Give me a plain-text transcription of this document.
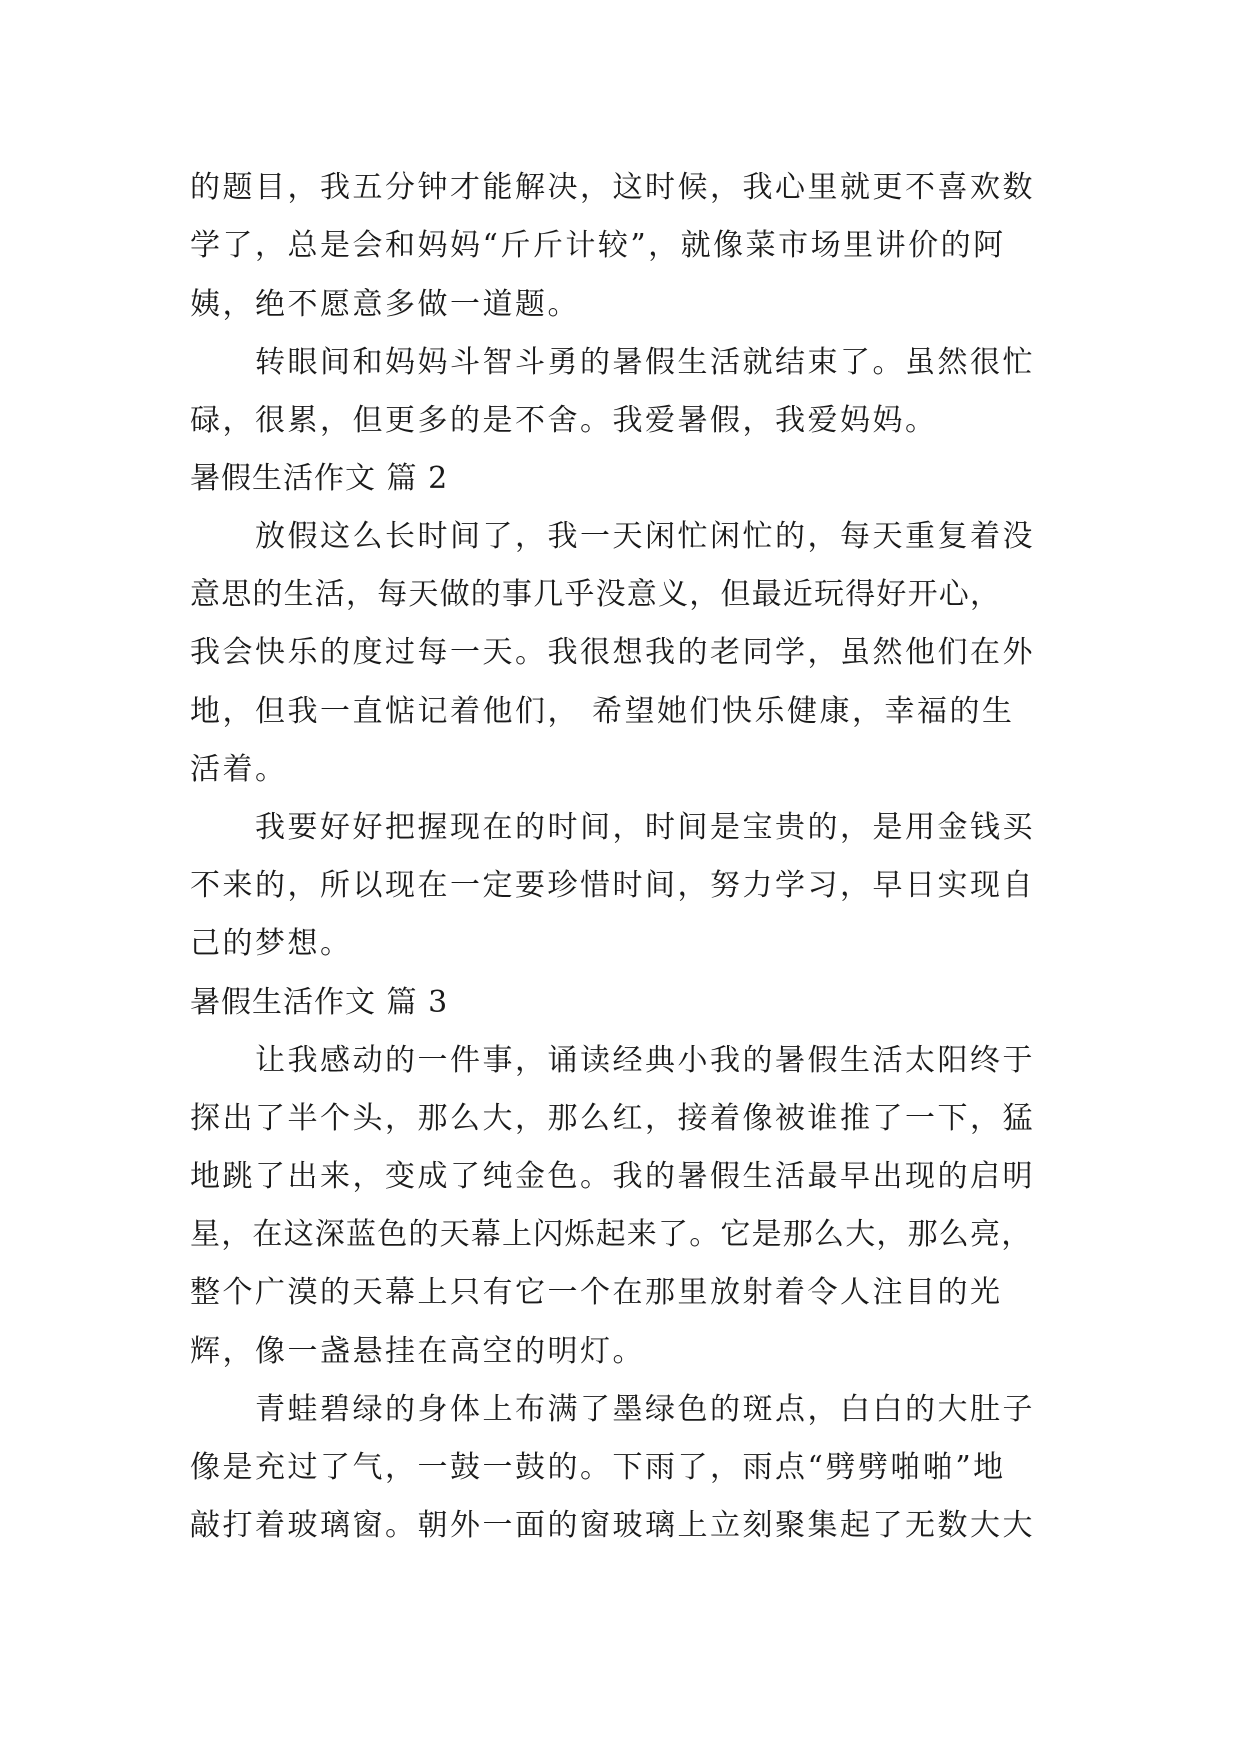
的题目，我五分钟才能解决，这时候，我心里就更不喜欢数
学了，总是会和妈妈“斤斤计较”，就像菜市场里讲价的阿
姨，绝不愿意多做一道题。
转眼间和妈妈斗智斗勇的暑假生活就结束了。虽然很忙
碌，很累，但更多的是不舍。我爱暑假，我爱妈妈。
暑假生活作文 篇 2
放假这么长时间了，我一天闲忙闲忙的，每天重复着没
意思的生活，每天做的事几乎没意义，但最近玩得好开心，
我会快乐的度过每一天。我很想我的老同学，虽然他们在外
地，但我一直惦记着他们， 希望她们快乐健康，幸福的生
活着。
我要好好把握现在的时间，时间是宝贵的，是用金钱买
不来的，所以现在一定要珍惜时间，努力学习，早日实现自
己的梦想。
暑假生活作文 篇 3
让我感动的一件事，诵读经典小我的暑假生活太阳终于
探出了半个头，那么大，那么红，接着像被谁推了一下，猛
地跳了出来，变成了纯金色。我的暑假生活最早出现的启明
星，在这深蓝色的天幕上闪烁起来了。它是那么大，那么亮，
整个广漠的天幕上只有它一个在那里放射着令人注目的光
辉，像一盏悬挂在高空的明灯。
青蛙碧绿的身体上布满了墨绿色的斑点，白白的大肚子
像是充过了气，一鼓一鼓的。下雨了，雨点“劈劈啪啪”地
敲打着玻璃窗。朝外一面的窗玻璃上立刻聚集起了无数大大
